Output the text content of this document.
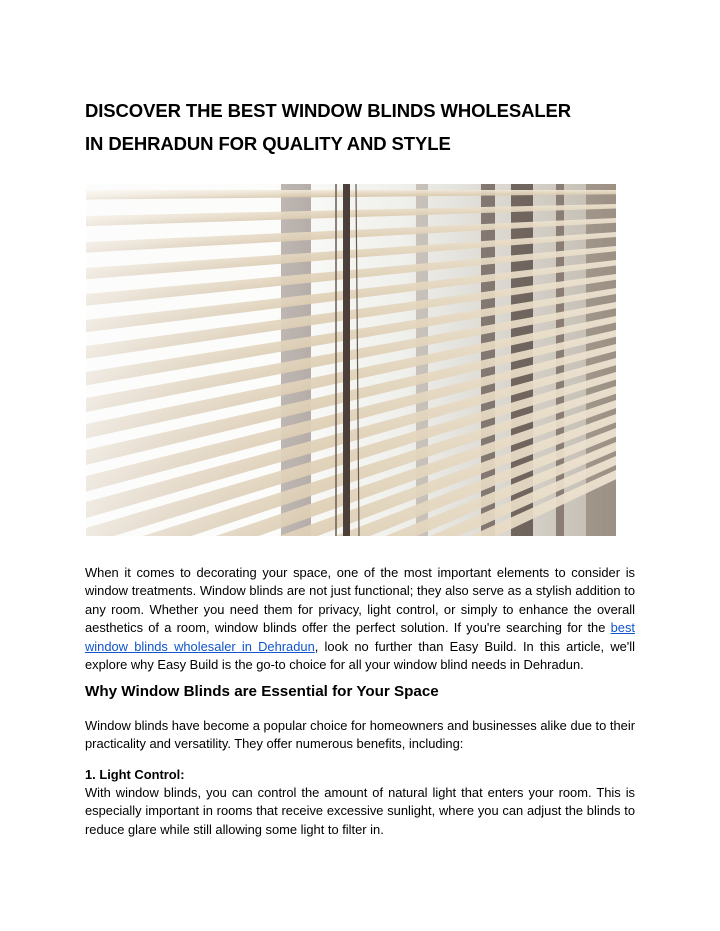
DISCOVER THE BEST WINDOW BLINDS WHOLESALER
IN DEHRADUN FOR QUALITY AND STYLE

When it comes to decorating your space, one of the most important elements to consider is window treatments. Window blinds are not just functional; they also serve as a stylish addition to any room. Whether you need them for privacy, light control, or simply to enhance the overall aesthetics of a room, window blinds offer the perfect solution. If you're searching for the best window blinds wholesaler in Dehradun, look no further than Easy Build. In this article, we'll explore why Easy Build is the go-to choice for all your window blind needs in Dehradun.

Why Window Blinds are Essential for Your Space

Window blinds have become a popular choice for homeowners and businesses alike due to their practicality and versatility. They offer numerous benefits, including:

1. Light Control:

With window blinds, you can control the amount of natural light that enters your room. This is especially important in rooms that receive excessive sunlight, where you can adjust the blinds to reduce glare while still allowing some light to filter in.
